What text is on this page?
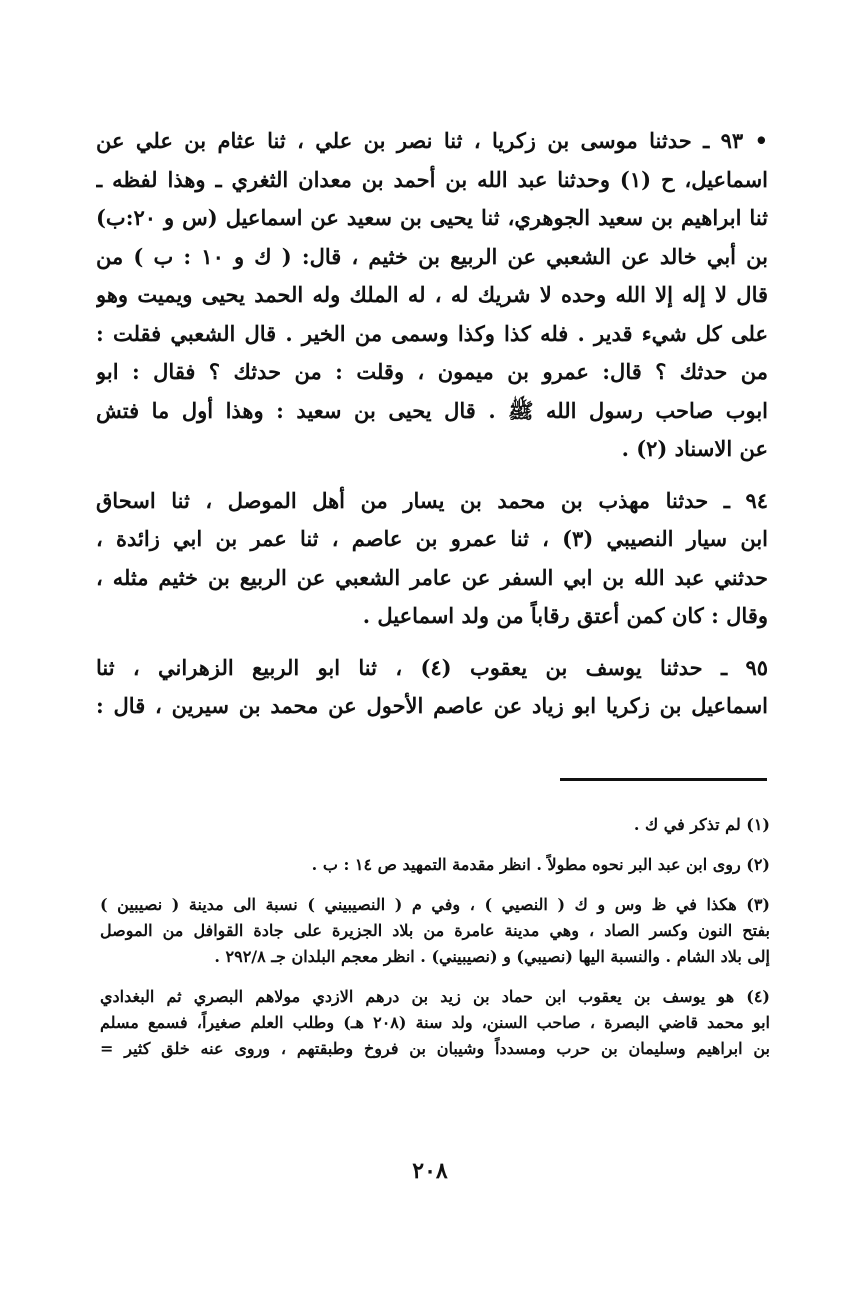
• ٩٣ ـ حدثنا موسى بن زكريا ، ثنا نصر بن علي ، ثنا عثام بن علي عن
اسماعيل، ح (١) وحدثنا عبد الله بن أحمد بن معدان الثغري ـ وهذا لفظه ـ
ثنا ابراهيم بن سعيد الجوهري، ثنا يحيى بن سعيد عن اسماعيل (س و ٢٠:ب)
بن أبي خالد عن الشعبي عن الربيع بن خثيم ، قال: ( ك و ١٠ : ب ) من
قال لا إله إلا الله وحده لا شريك له ، له الملك وله الحمد يحيى ويميت وهو
على كل شيء قدير . فله كذا وكذا وسمى من الخير . قال الشعبي فقلت :
من حدثك ؟ قال: عمرو بن ميمون ، وقلت : من حدثك ؟ فقال : ابو
ابوب صاحب رسول الله ﷺ . قال يحيى بن سعيد : وهذا أول ما فتش
عن الاسناد (٢) .
٩٤ ـ حدثنا مهذب بن محمد بن يسار من أهل الموصل ، ثنا اسحاق
ابن سيار النصيبي (٣) ، ثنا عمرو بن عاصم ، ثنا عمر بن ابي زائدة ،
حدثني عبد الله بن ابي السفر عن عامر الشعبي عن الربيع بن خثيم مثله ،
وقال : كان كمن أعتق رقاباً من ولد اسماعيل .
٩٥ ـ حدثنا يوسف بن يعقوب (٤) ، ثنا ابو الربيع الزهراني ، ثنا
اسماعيل بن زكريا ابو زياد عن عاصم الأحول عن محمد بن سيرين ، قال :
(١) لم تذكر في ك .
(٢) روى ابن عبد البر نحوه مطولاً . انظر مقدمة التمهيد ص ١٤ : ب .
(٣) هكذا في ظ وس و ك ( النصيي ) ، وفي م ( النصيبيني ) نسبة الى مدينة ( نصيبين )
بفتح النون وكسر الصاد ، وهي مدينة عامرة من بلاد الجزيرة على جادة القوافل من الموصل
إلى بلاد الشام . والنسبة اليها (نصيبي) و (نصيبيني) . انظر معجم البلدان جـ ٢٩٢/٨ .
(٤) هو يوسف بن يعقوب ابن حماد بن زيد بن درهم الازدي مولاهم البصري ثم البغدادي
ابو محمد قاضي البصرة ، صاحب السنن، ولد سنة (٢٠٨ هـ) وطلب العلم صغيراً، فسمع مسلم
بن ابراهيم وسليمان بن حرب ومسدداً وشيبان بن فروخ وطبقتهم ، وروى عنه خلق كثير =
٢٠٨
